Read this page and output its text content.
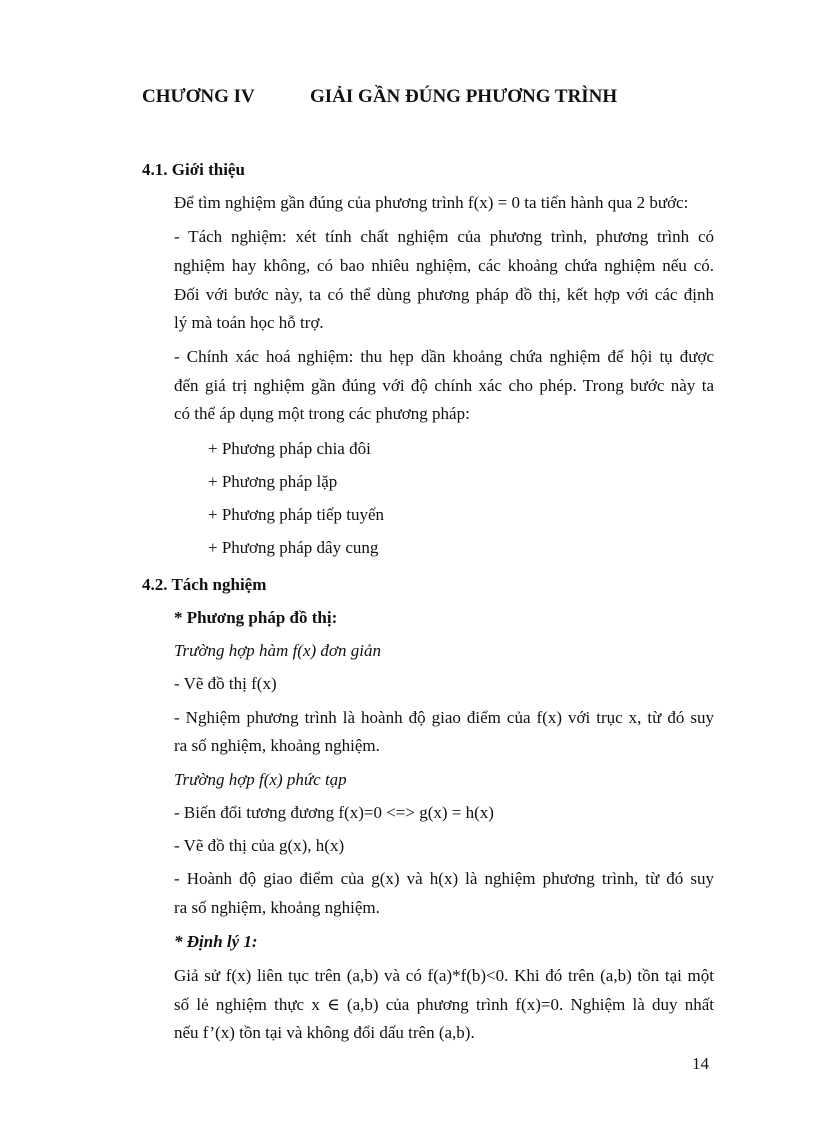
CHƯƠNG IV	GIẢI GẦN ĐÚNG PHƯƠNG TRÌNH
4.1. Giới thiệu
Để tìm nghiệm gần đúng của phương trình f(x) = 0 ta tiến hành qua 2 bước:
- Tách nghiệm: xét tính chất nghiệm của phương trình, phương trình có
nghiệm hay không, có bao nhiêu nghiệm, các khoảng chứa nghiệm nếu có.
Đối với bước này, ta có thể dùng phương pháp đồ thị, kết hợp với các định
lý mà toán học hỗ trợ.
- Chính xác hoá nghiệm: thu hẹp dần khoảng chứa nghiệm để hội tụ được
đến giá trị nghiệm gần đúng với độ chính xác cho phép. Trong bước này ta
có thể áp dụng một trong các phương pháp:
+ Phương pháp chia đôi
+ Phương pháp lặp
+ Phương pháp tiếp tuyến
+ Phương pháp dây cung
4.2. Tách nghiệm
* Phương pháp đồ thị:
Trường hợp hàm f(x) đơn giản
- Vẽ đồ thị f(x)
- Nghiệm phương trình là hoành độ giao điểm của f(x) với trục x, từ đó suy
ra số nghiệm, khoảng nghiệm.
Trường hợp f(x) phức tạp
- Biến đổi tương đương f(x)=0 <=> g(x) = h(x)
- Vẽ đồ thị của g(x), h(x)
- Hoành độ giao điểm của g(x) và h(x) là nghiệm phương trình, từ đó suy
ra số nghiệm, khoảng nghiệm.
* Định lý 1:
Giả sử f(x) liên tục trên (a,b) và có f(a)*f(b)<0. Khi đó trên (a,b) tồn tại một
số lẻ nghiệm thực x ∈ (a,b) của phương trình f(x)=0. Nghiệm là duy nhất
nếu f’(x) tồn tại và không đổi dấu trên (a,b).
14
